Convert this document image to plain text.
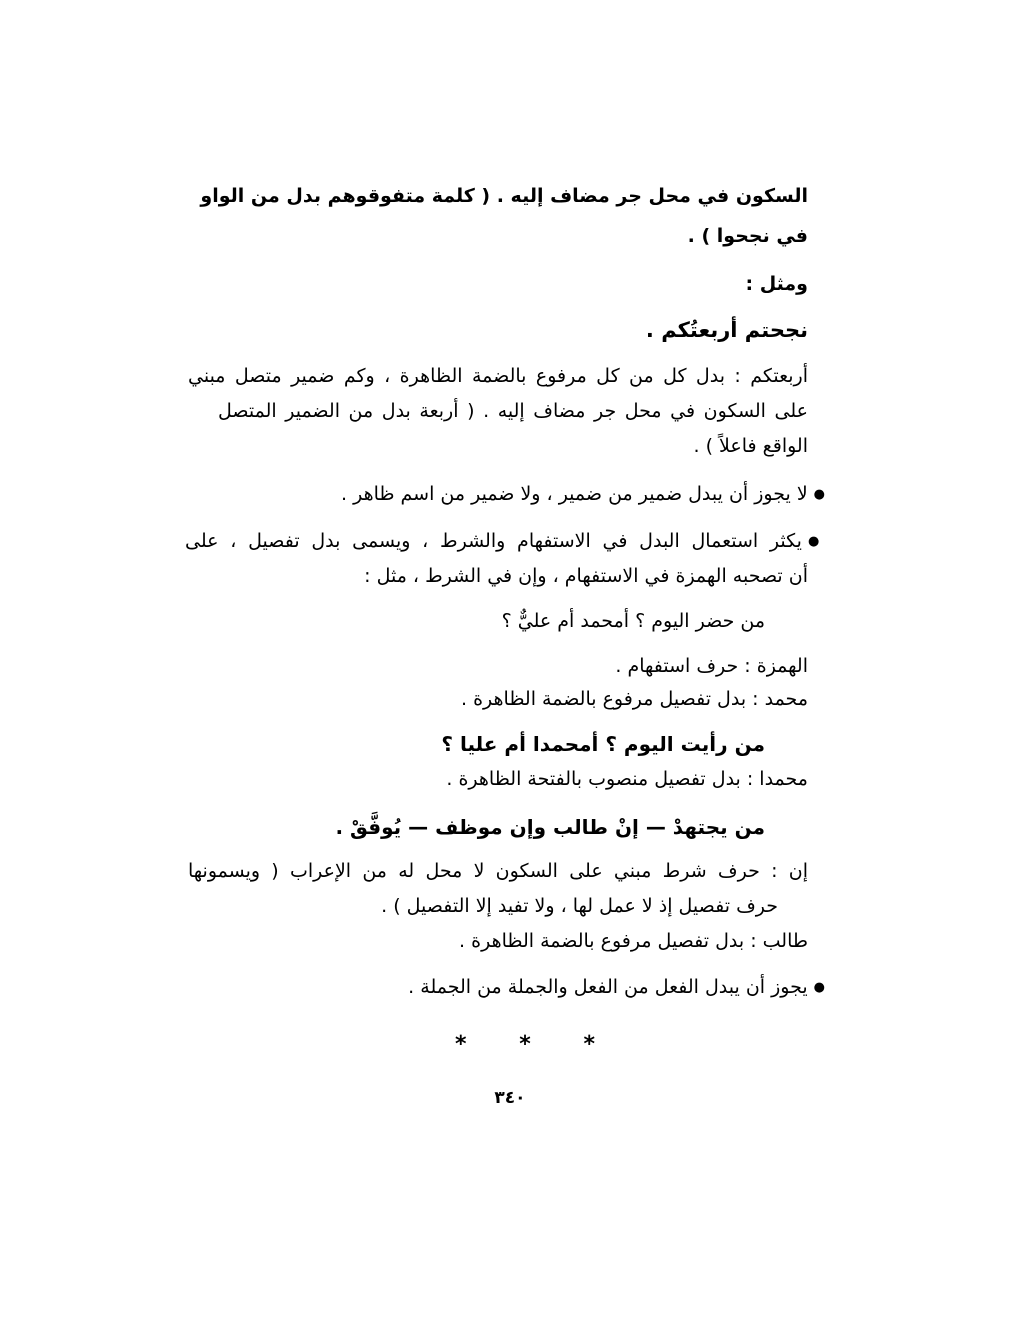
السكون في محل جر مضاف إليه . ( كلمة متفوقوهم بدل من الواو
في نجحوا ) .
ومثل :
نجحتم أربعتُكم .
أربعتكم : بدل كل من كل مرفوع بالضمة الظاهرة ، وكم ضمير متصل مبني
على السكون في محل جر مضاف إليه . ( أربعة بدل من الضمير المتصل
الواقع فاعلاً ) .
● لا يجوز أن يبدل ضمير من ضمير ، ولا ضمير من اسم ظاهر .
● يكثر استعمال البدل في الاستفهام والشرط ، ويسمى بدل تفصيل ، على
أن تصحبه الهمزة في الاستفهام ، وإن في الشرط ، مثل :
من حضر اليوم ؟ أمحمد أم عليٌّ ؟
الهمزة : حرف استفهام .
محمد : بدل تفصيل مرفوع بالضمة الظاهرة .
من رأيت اليوم ؟ أمحمدا أم عليا ؟
محمدا : بدل تفصيل منصوب بالفتحة الظاهرة .
من يجتهدْ — إنْ طالب وإن موظف — يُوفَّقْ .
إن : حرف شرط مبني على السكون لا محل له من الإعراب ( ويسمونها
حرف تفصيل إذ لا عمل لها ، ولا تفيد إلا التفصيل ) .
طالب : بدل تفصيل مرفوع بالضمة الظاهرة .
● يجوز أن يبدل الفعل من الفعل والجملة من الجملة .
* * *
٣٤٠
